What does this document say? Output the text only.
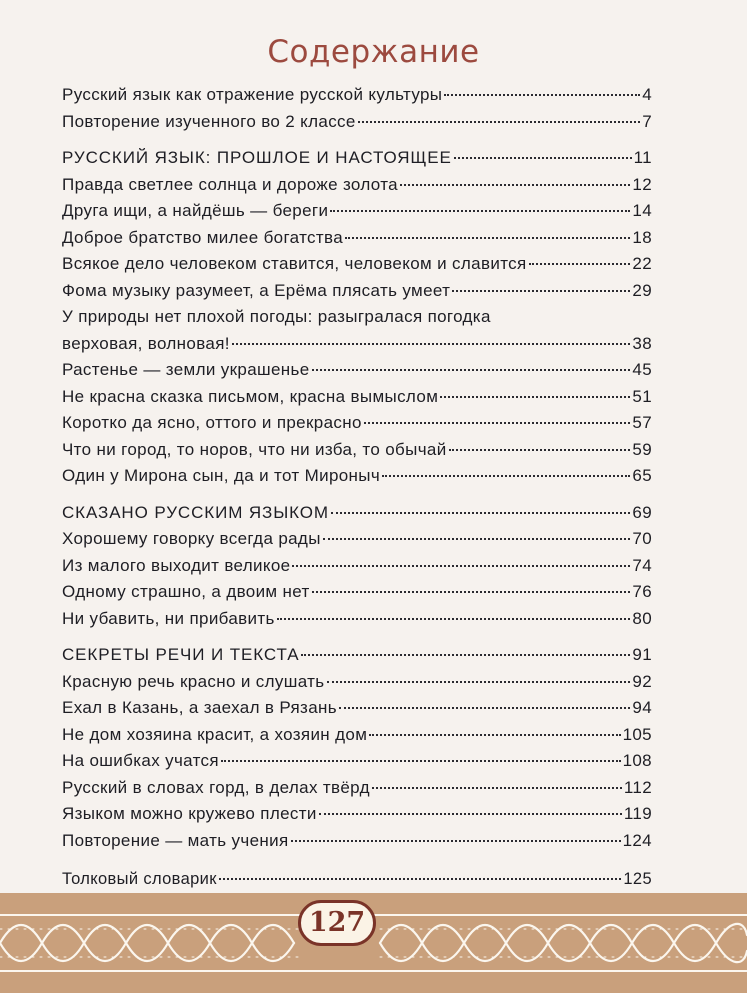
Содержание
Русский язык как отражение русской культуры	4
Повторение изученного во 2 классе	7
РУССКИЙ ЯЗЫК: ПРОШЛОЕ И НАСТОЯЩЕЕ	11
Правда светлее солнца и дороже золота	12
Друга ищи, а найдёшь — береги	14
Доброе братство милее богатства	18
Всякое дело человеком ставится, человеком и славится	22
Фома музыку разумеет, а Ерёма плясать умеет	29
У природы нет плохой погоды: разыгралася погодка
верховая, волновая!	38
Растенье — земли украшенье	45
Не красна сказка письмом, красна вымыслом	51
Коротко да ясно, оттого и прекрасно	57
Что ни город, то норов, что ни изба, то обычай	59
Один у Мирона сын, да и тот Мироныч	65
СКАЗАНО РУССКИМ ЯЗЫКОМ	69
Хорошему говорку всегда рады	70
Из малого выходит великое	74
Одному страшно, а двоим нет	76
Ни убавить, ни прибавить	80
СЕКРЕТЫ РЕЧИ И ТЕКСТА	91
Красную речь красно и слушать	92
Ехал в Казань, а заехал в Рязань	94
Не дом хозяина красит, а хозяин дом	105
На ошибках учатся	108
Русский в словах горд, в делах твёрд	112
Языком можно кружево плести	119
Повторение — мать учения	124
Толковый словарик	125
127
